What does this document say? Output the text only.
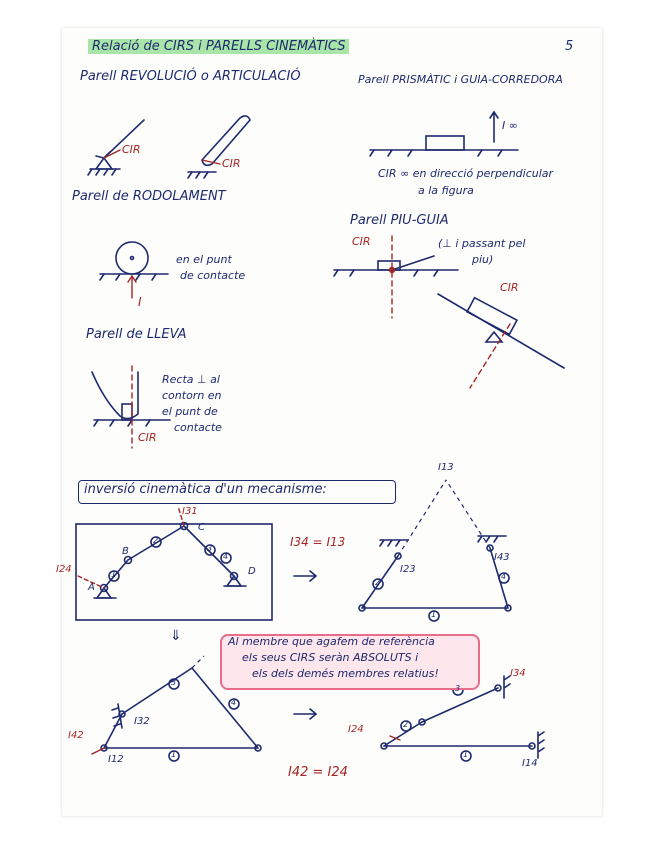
Relació de CIRS i PARELLS CINEMÀTICS	5
Parell REVOLUCIÓ o ARTICULACIÓ
CIR
CIR
Parell PRISMÀTIC i GUIA-CORREDORA
I ∞
CIR ∞ en direcció perpendicular
a la figura
Parell de RODOLAMENT
en el punt
de contacte
I
Parell PIU-GUIA
CIR	(⊥ i passant pel
piu)
CIR
Parell de LLEVA
Recta ⊥ al
contorn en
el punt de
contacte
CIR
inversió cinemàtica d'un mecanisme:
I31
C
B
A
D
I24	1
2
3
4
I34 = I13
I13
I23
I43
2
4
1
⇓	Al membre que agafem de referència
els seus CIRS seràn ABSOLUTS i
els dels demés membres relatius!
I42
I32
I12
3
4
1
I34
I24
I14
3
2
1
I42 = I24
